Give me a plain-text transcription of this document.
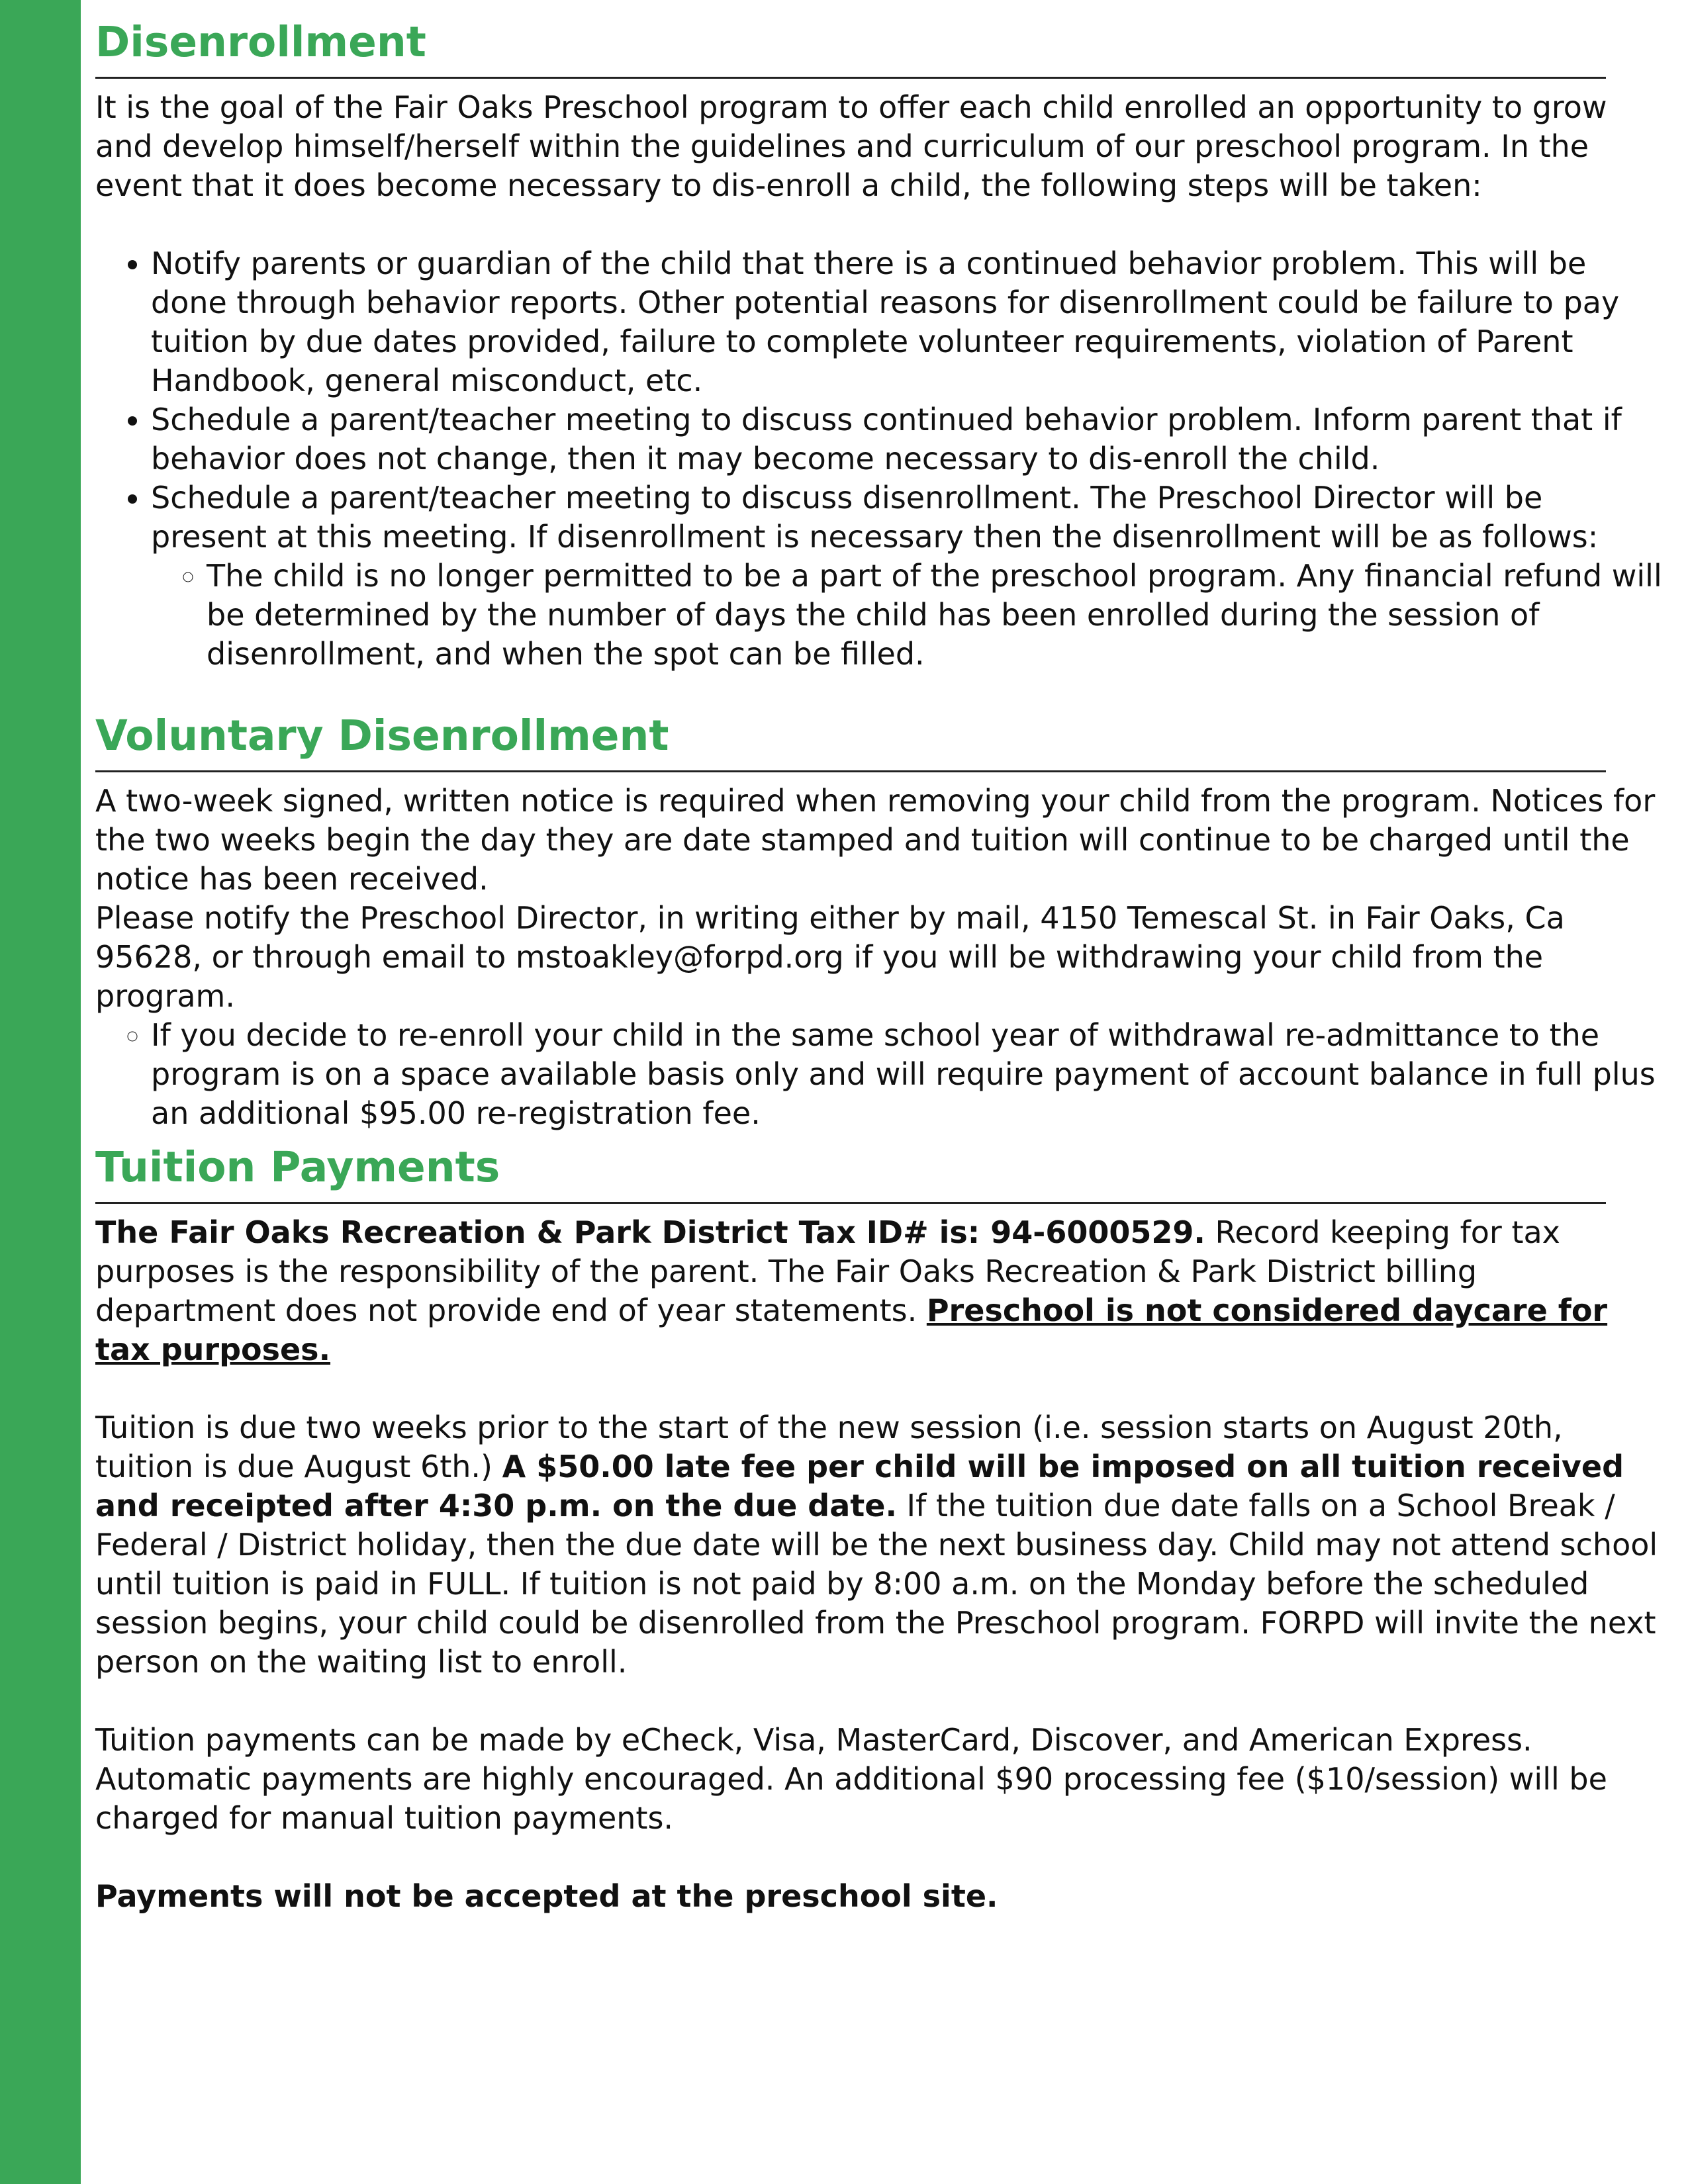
Disenrollment

It is the goal of the Fair Oaks Preschool program to offer each child enrolled an opportunity to grow and develop himself/herself within the guidelines and curriculum of our preschool program. In the event that it does become necessary to dis-enroll a child, the following steps will be taken:

• Notify parents or guardian of the child that there is a continued behavior problem. This will be done through behavior reports. Other potential reasons for disenrollment could be failure to pay tuition by due dates provided, failure to complete volunteer requirements, violation of Parent Handbook, general misconduct, etc.
• Schedule a parent/teacher meeting to discuss continued behavior problem. Inform parent that if behavior does not change, then it may become necessary to dis-enroll the child.
• Schedule a parent/teacher meeting to discuss disenrollment. The Preschool Director will be present at this meeting. If disenrollment is necessary then the disenrollment will be as follows:
◦ The child is no longer permitted to be a part of the preschool program. Any financial refund will be determined by the number of days the child has been enrolled during the session of disenrollment, and when the spot can be filled.
Voluntary Disenrollment

A two-week signed, written notice is required when removing your child from the program. Notices for the two weeks begin the day they are date stamped and tuition will continue to be charged until the notice has been received.

Please notify the Preschool Director, in writing either by mail, 4150 Temescal St. in Fair Oaks, Ca 95628, or through email to mstoakley@forpd.org if you will be withdrawing your child from the program.

◦ If you decide to re-enroll your child in the same school year of withdrawal re-admittance to the program is on a space available basis only and will require payment of account balance in full plus an additional $95.00 re-registration fee.
Tuition Payments

The Fair Oaks Recreation & Park District Tax ID# is: 94-6000529. Record keeping for tax purposes is the responsibility of the parent. The Fair Oaks Recreation & Park District billing department does not provide end of year statements. Preschool is not considered daycare for tax purposes.

Tuition is due two weeks prior to the start of the new session (i.e. session starts on August 20th, tuition is due August 6th.) A $50.00 late fee per child will be imposed on all tuition received and receipted after 4:30 p.m. on the due date. If the tuition due date falls on a School Break / Federal / District holiday, then the due date will be the next business day. Child may not attend school until tuition is paid in FULL. If tuition is not paid by 8:00 a.m. on the Monday before the scheduled session begins, your child could be disenrolled from the Preschool program. FORPD will invite the next person on the waiting list to enroll.

Tuition payments can be made by eCheck, Visa, MasterCard, Discover, and American Express. Automatic payments are highly encouraged. An additional $90 processing fee ($10/session) will be charged for manual tuition payments.

Payments will not be accepted at the preschool site.
